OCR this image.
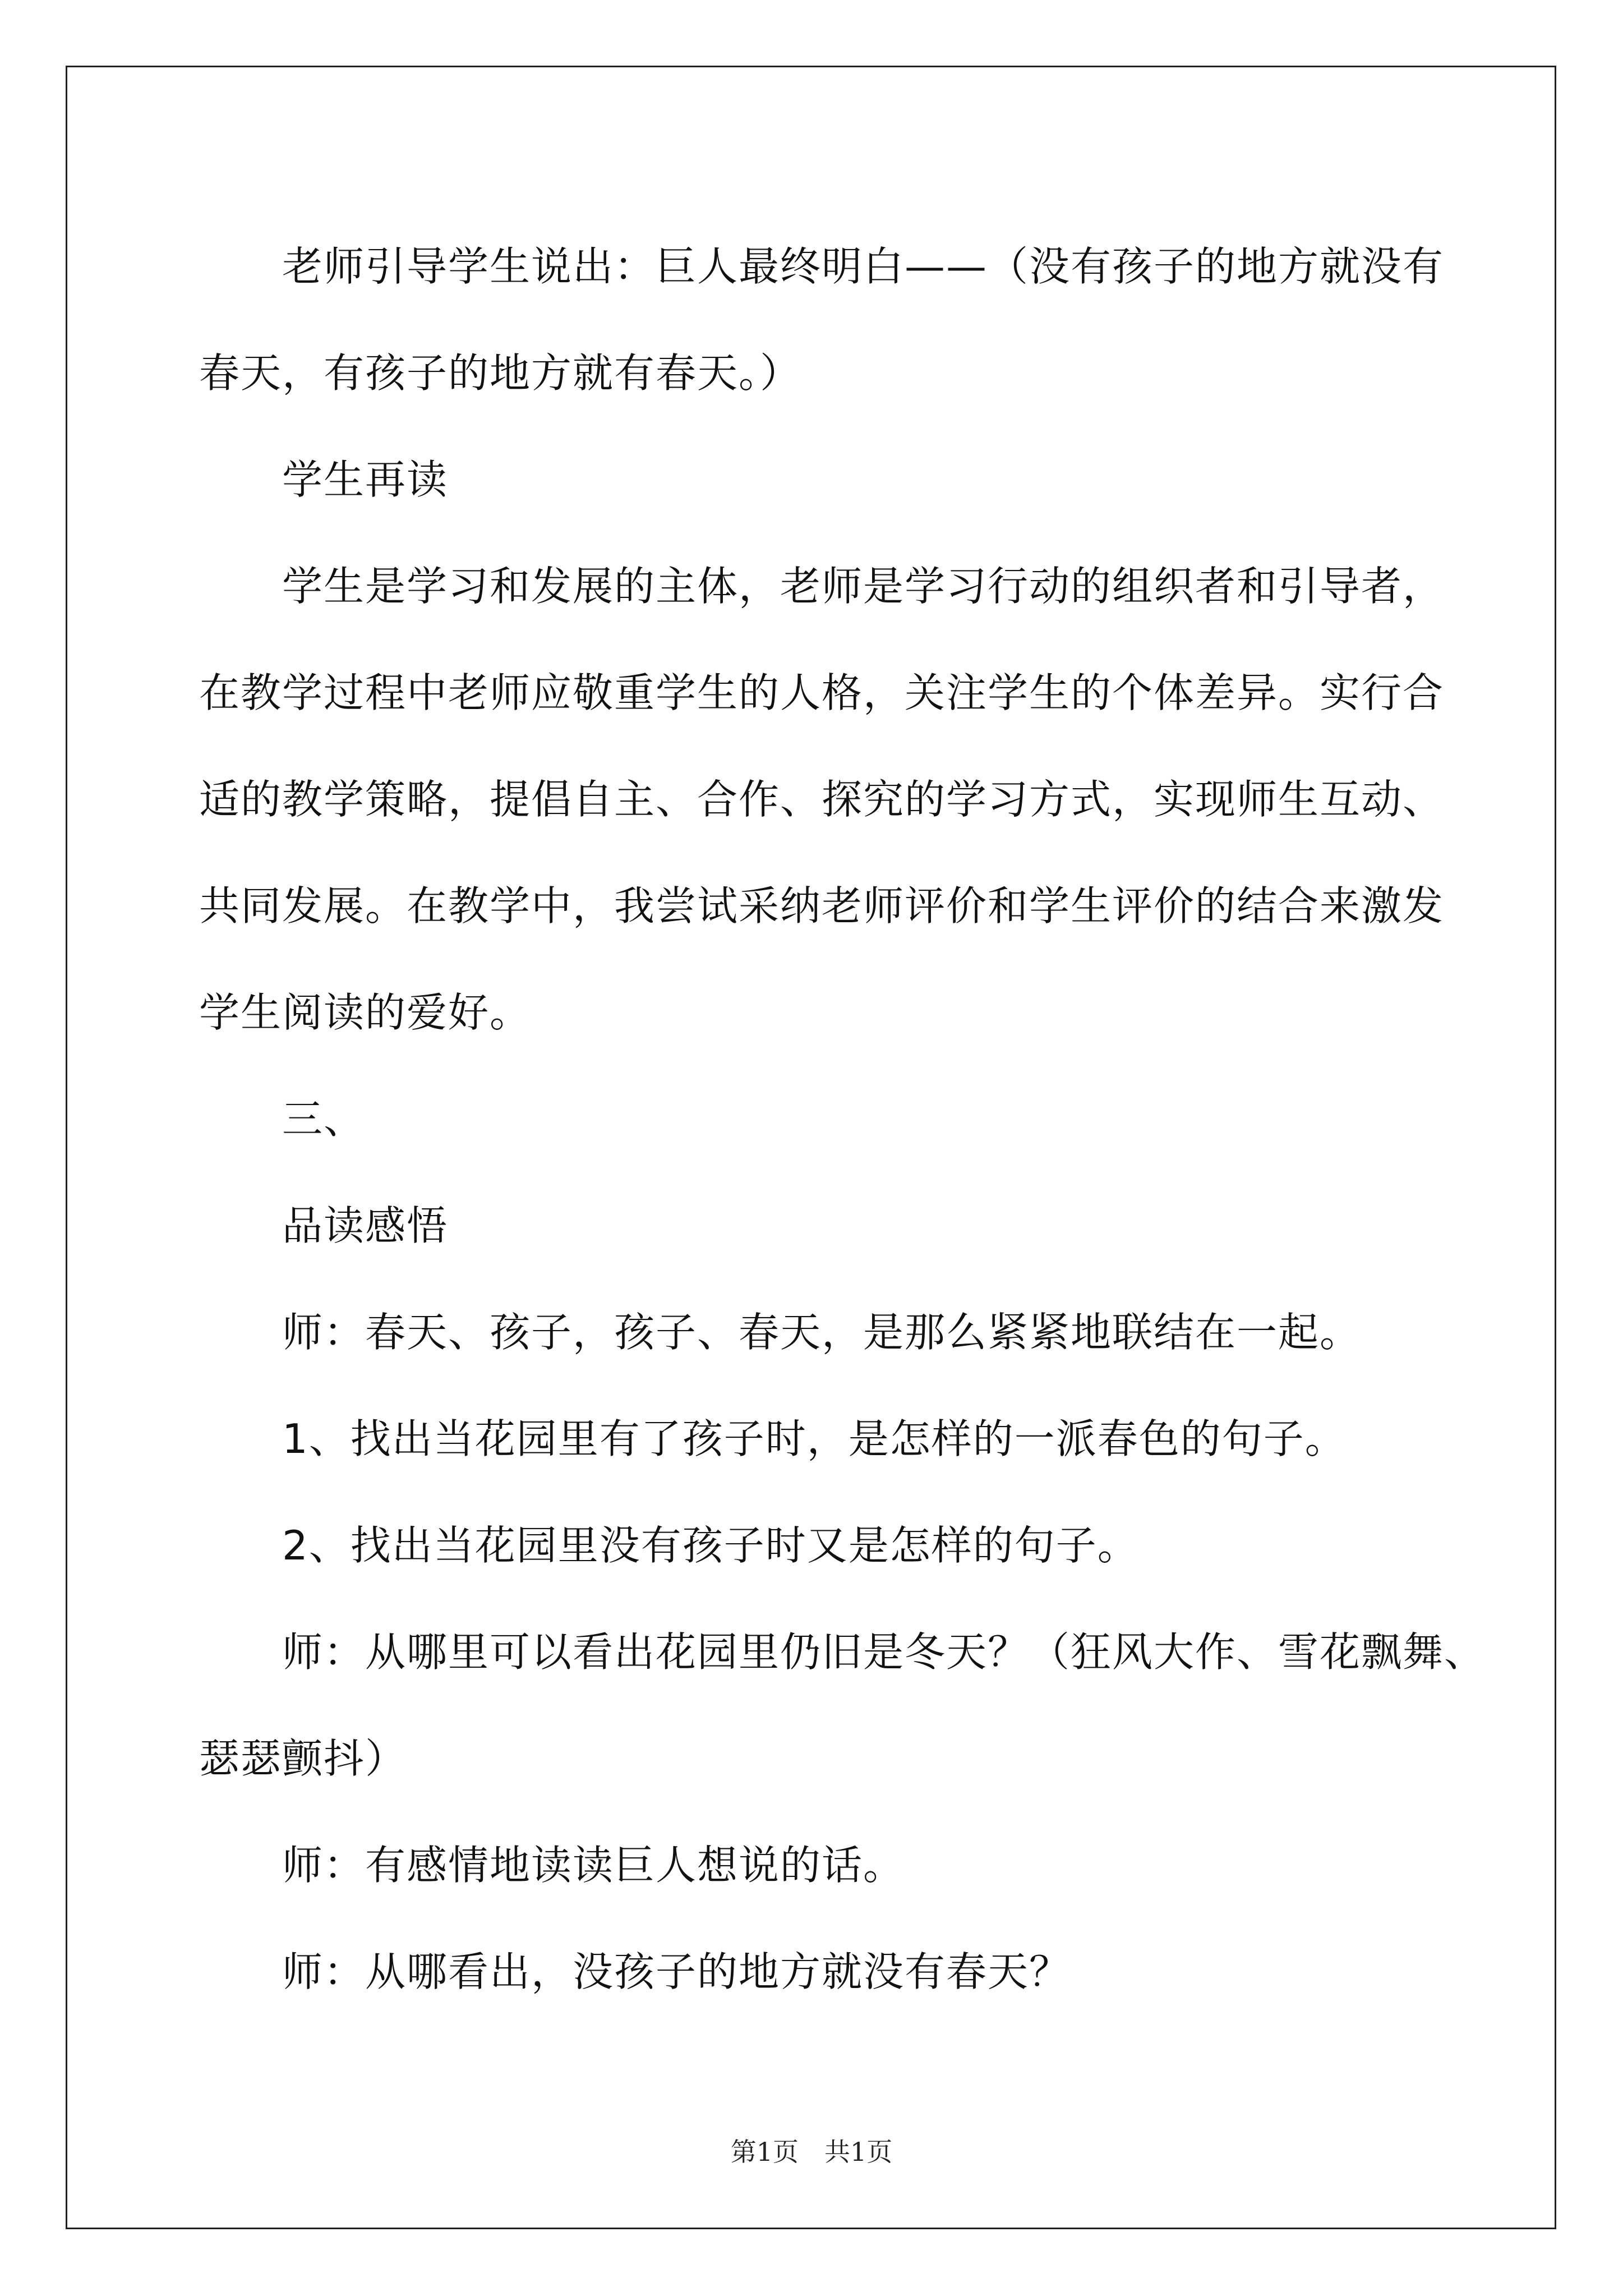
老师引导学生说出：巨人最终明白——（没有孩子的地方就没有

春天，有孩子的地方就有春天。）

学生再读

学生是学习和发展的主体，老师是学习行动的组织者和引导者，

在教学过程中老师应敬重学生的人格，关注学生的个体差异。实行合

适的教学策略，提倡自主、合作、探究的学习方式，实现师生互动、

共同发展。在教学中，我尝试采纳老师评价和学生评价的结合来激发

学生阅读的爱好。

三、

品读感悟

师：春天、孩子，孩子、春天，是那么紧紧地联结在一起。

1、找出当花园里有了孩子时，是怎样的一派春色的句子。

2、找出当花园里没有孩子时又是怎样的句子。

师：从哪里可以看出花园里仍旧是冬天？（狂风大作、雪花飘舞、

瑟瑟颤抖）

师：有感情地读读巨人想说的话。

师：从哪看出，没孩子的地方就没有春天？

第1页　共1页
